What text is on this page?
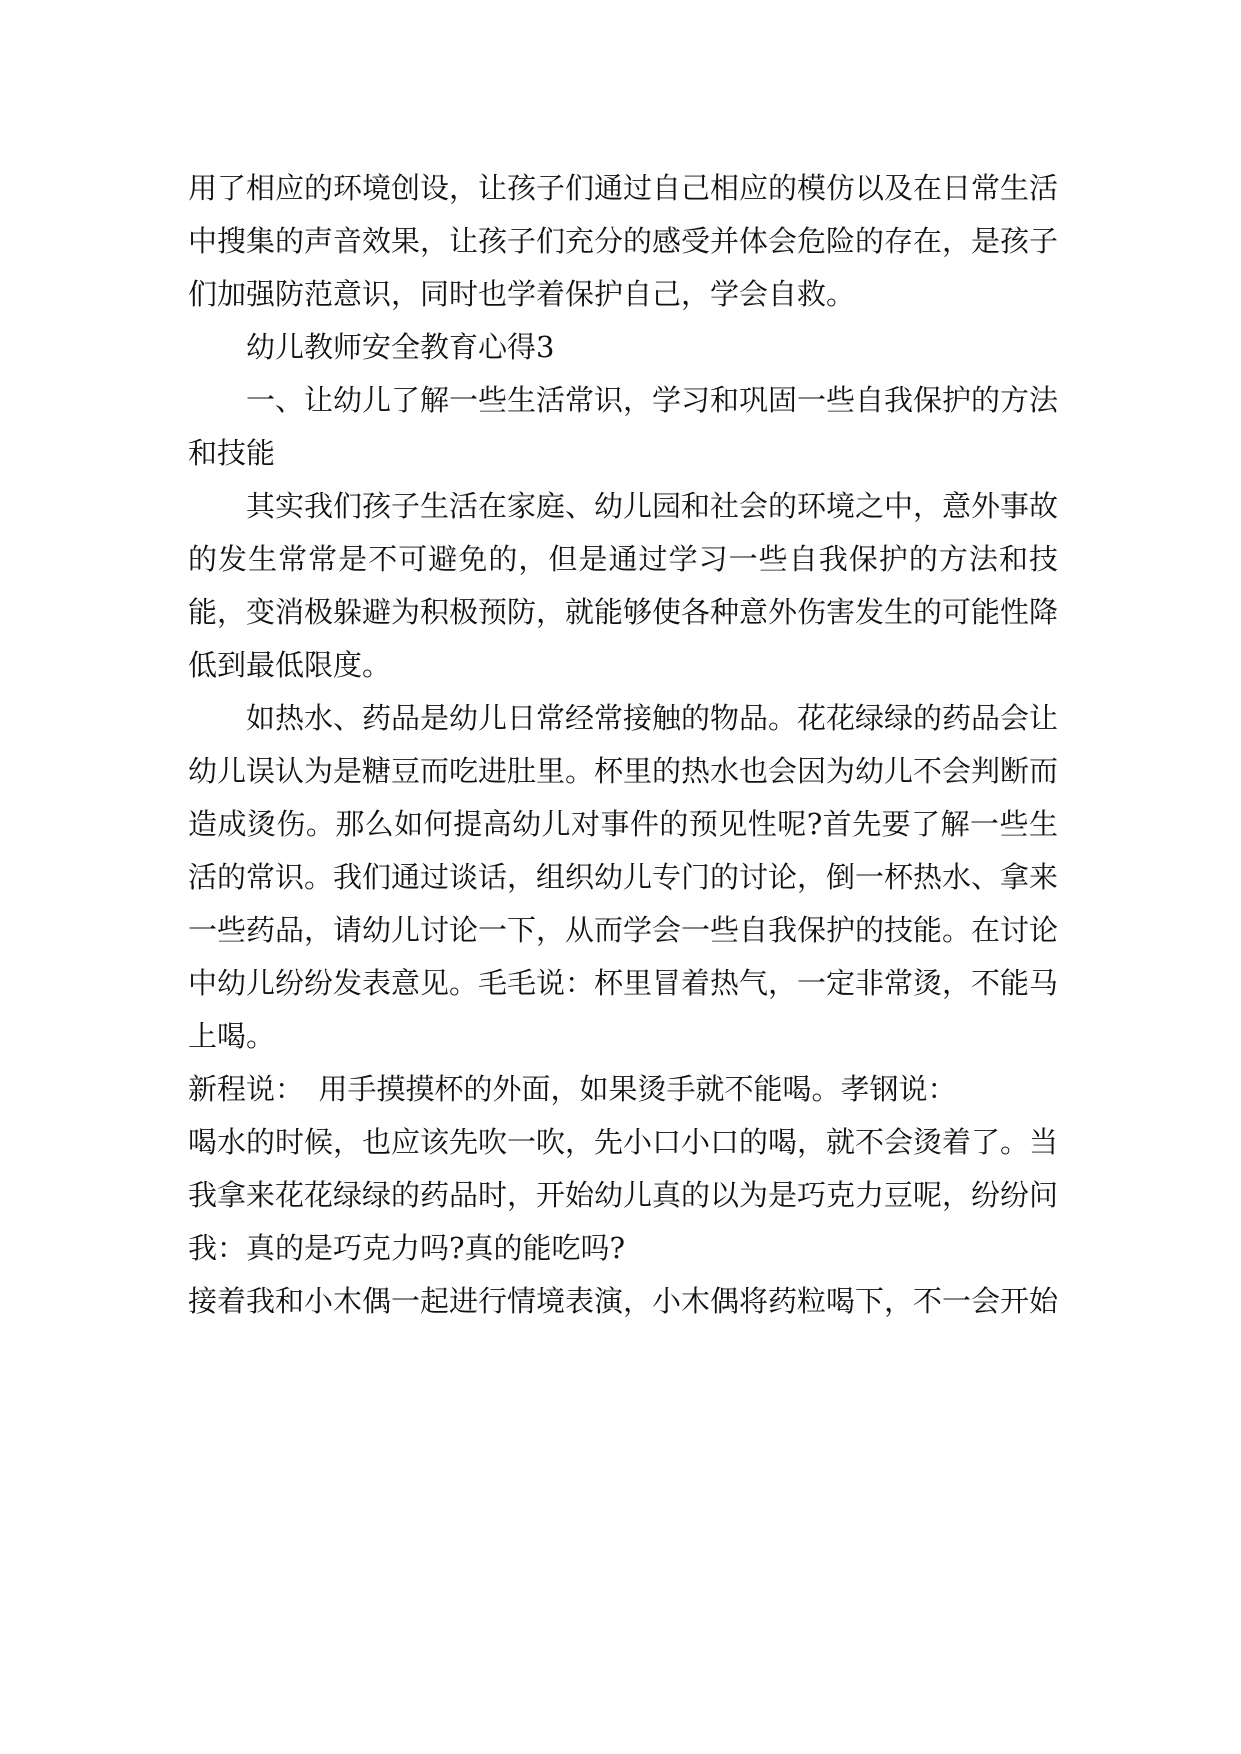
用了相应的环境创设，让孩子们通过自己相应的模仿以及在日常生活中搜集的声音效果，让孩子们充分的感受并体会危险的存在，是孩子们加强防范意识，同时也学着保护自己，学会自救。

幼儿教师安全教育心得3

一、让幼儿了解一些生活常识，学习和巩固一些自我保护的方法和技能

其实我们孩子生活在家庭、幼儿园和社会的环境之中，意外事故的发生常常是不可避免的，但是通过学习一些自我保护的方法和技能，变消极躲避为积极预防，就能够使各种意外伤害发生的可能性降低到最低限度。

如热水、药品是幼儿日常经常接触的物品。花花绿绿的药品会让幼儿误认为是糖豆而吃进肚里。杯里的热水也会因为幼儿不会判断而造成烫伤。那么如何提高幼儿对事件的预见性呢?首先要了解一些生活的常识。我们通过谈话，组织幼儿专门的讨论，倒一杯热水、拿来一些药品，请幼儿讨论一下，从而学会一些自我保护的技能。在讨论中幼儿纷纷发表意见。毛毛说：杯里冒着热气，一定非常烫，不能马上喝。

新程说：　用手摸摸杯的外面，如果烫手就不能喝。孝钢说：

喝水的时候，也应该先吹一吹，先小口小口的喝，就不会烫着了。当我拿来花花绿绿的药品时，开始幼儿真的以为是巧克力豆呢，纷纷问我：真的是巧克力吗?真的能吃吗?

接着我和小木偶一起进行情境表演，小木偶将药粒喝下，不一会开始
